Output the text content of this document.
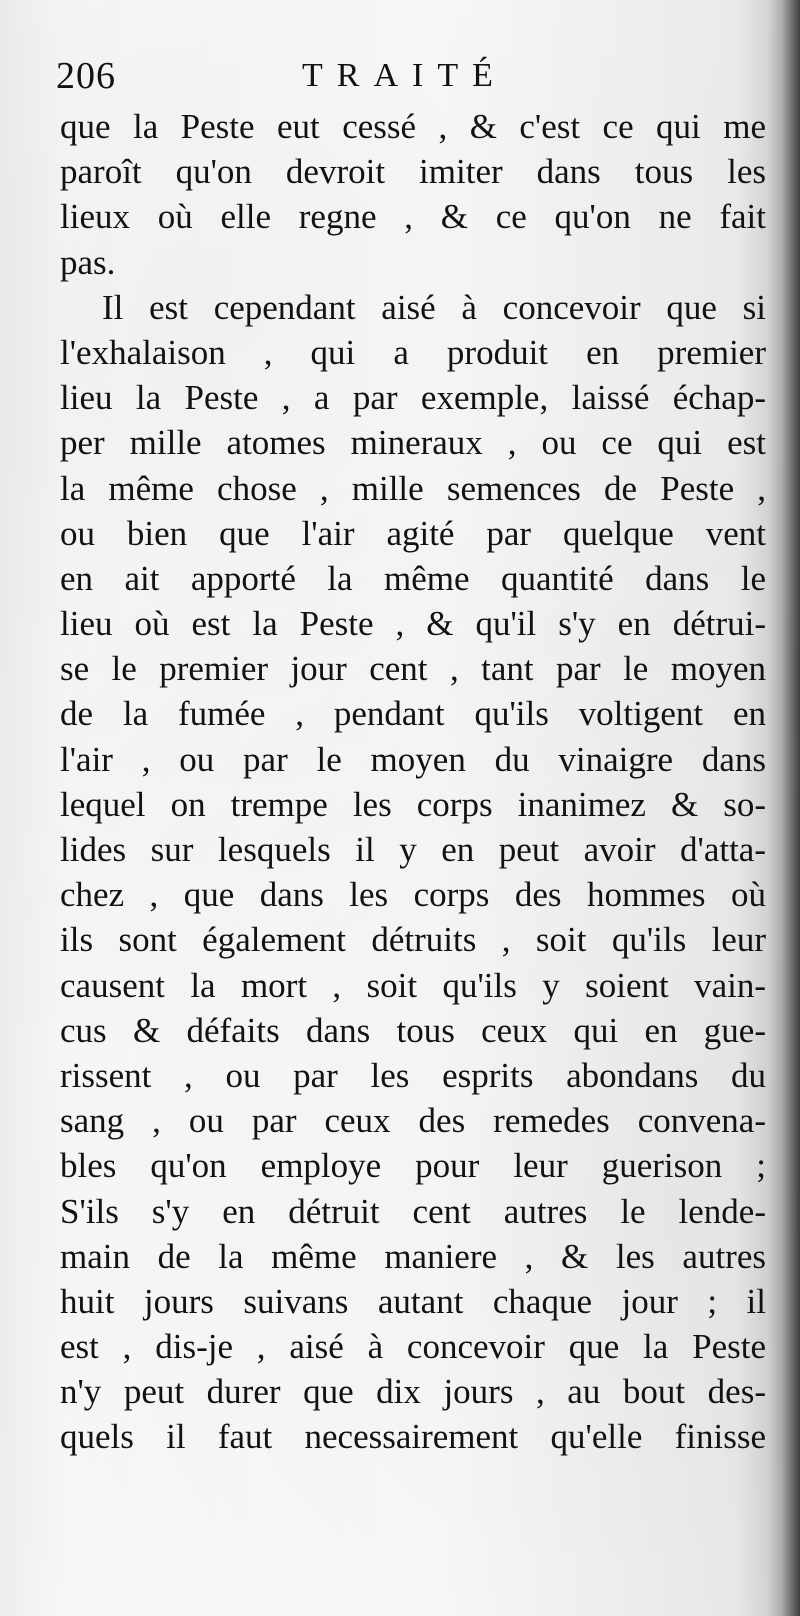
206	TRAITÉ
que la Peste eut cessé , & c'est ce qui me
paroît qu'on devroit imiter dans tous les
lieux où elle regne , & ce qu'on ne fait
pas.
Il est cependant aisé à concevoir que si
l'exhalaison , qui a produit en premier
lieu la Peste , a par exemple, laissé échap-
per mille atomes mineraux , ou ce qui est
la même chose , mille semences de Peste ,
ou bien que l'air agité par quelque vent
en ait apporté la même quantité dans le
lieu où est la Peste , & qu'il s'y en détrui-
se le premier jour cent , tant par le moyen
de la fumée , pendant qu'ils voltigent en
l'air , ou par le moyen du vinaigre dans
lequel on trempe les corps inanimez & so-
lides sur lesquels il y en peut avoir d'atta-
chez , que dans les corps des hommes où
ils sont également détruits , soit qu'ils leur
causent la mort , soit qu'ils y soient vain-
cus & défaits dans tous ceux qui en gue-
rissent , ou par les esprits abondans du
sang , ou par ceux des remedes convena-
bles qu'on employe pour leur guerison ;
S'ils s'y en détruit cent autres le lende-
main de la même maniere , & les autres
huit jours suivans autant chaque jour ; il
est , dis-je , aisé à concevoir que la Peste
n'y peut durer que dix jours , au bout des-
quels il faut necessairement qu'elle finisse
